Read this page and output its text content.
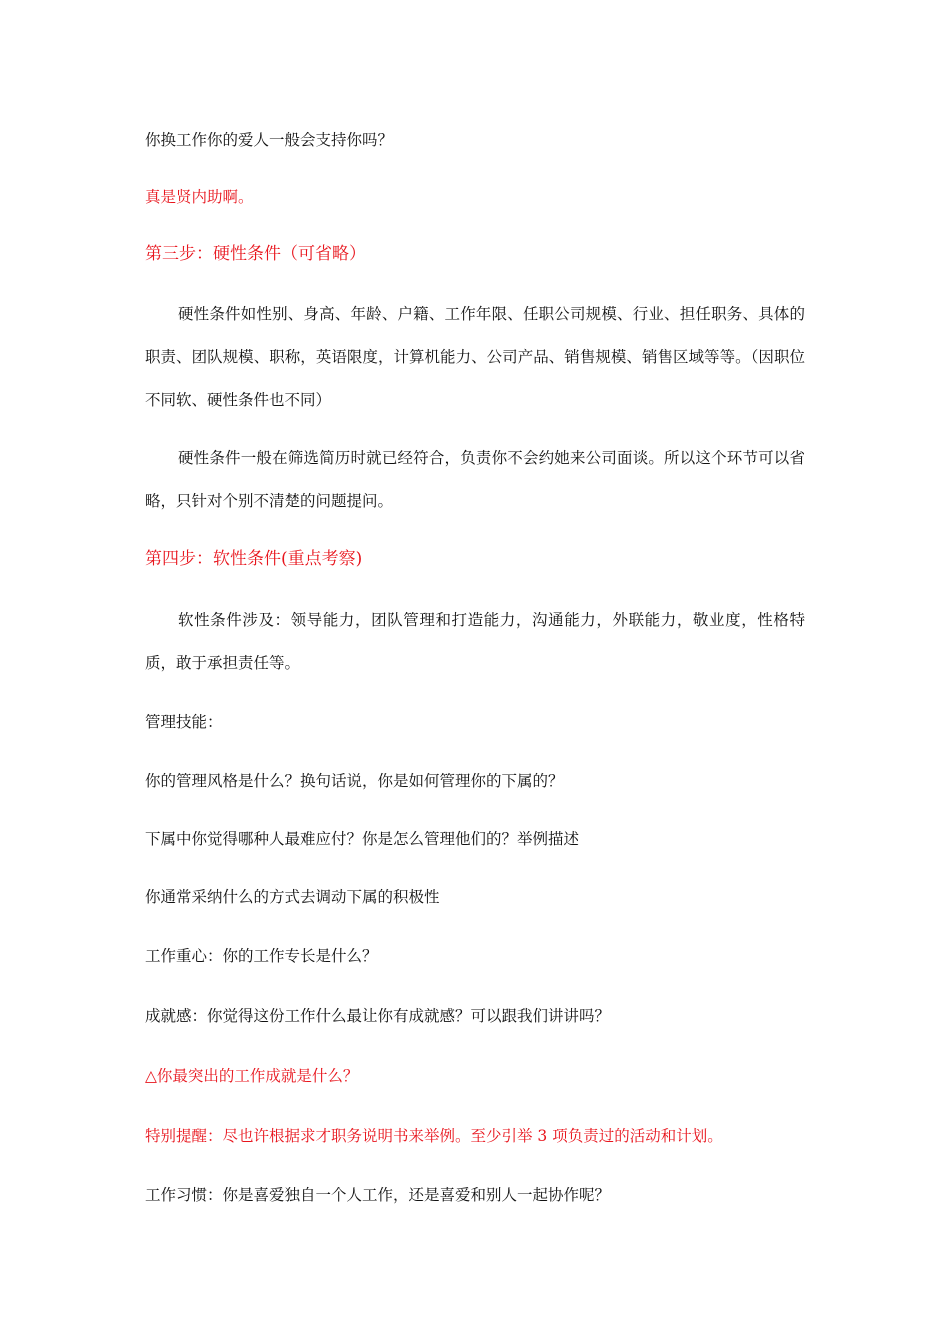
你换工作你的爱人一般会支持你吗？
真是贤内助啊。
第三步：硬性条件（可省略）
硬性条件如性别、身高、年龄、户籍、工作年限、任职公司规模、行业、担任职务、具体的职责、团队规模、职称，英语限度，计算机能力、公司产品、销售规模、销售区域等等。（因职位不同软、硬性条件也不同）
硬性条件一般在筛选简历时就已经符合，负责你不会约她来公司面谈。所以这个环节可以省略，只针对个别不清楚的问题提问。
第四步：软性条件(重点考察)
软性条件涉及：领导能力，团队管理和打造能力，沟通能力，外联能力，敬业度，性格特质，敢于承担责任等。
管理技能：
你的管理风格是什么？换句话说，你是如何管理你的下属的？
下属中你觉得哪种人最难应付？你是怎么管理他们的？举例描述
你通常采纳什么的方式去调动下属的积极性
工作重心：你的工作专长是什么？
成就感：你觉得这份工作什么最让你有成就感？可以跟我们讲讲吗？
△你最突出的工作成就是什么？
特别提醒：尽也许根据求才职务说明书来举例。至少引举 3 项负责过的活动和计划。
工作习惯：你是喜爱独自一个人工作，还是喜爱和别人一起协作呢？
